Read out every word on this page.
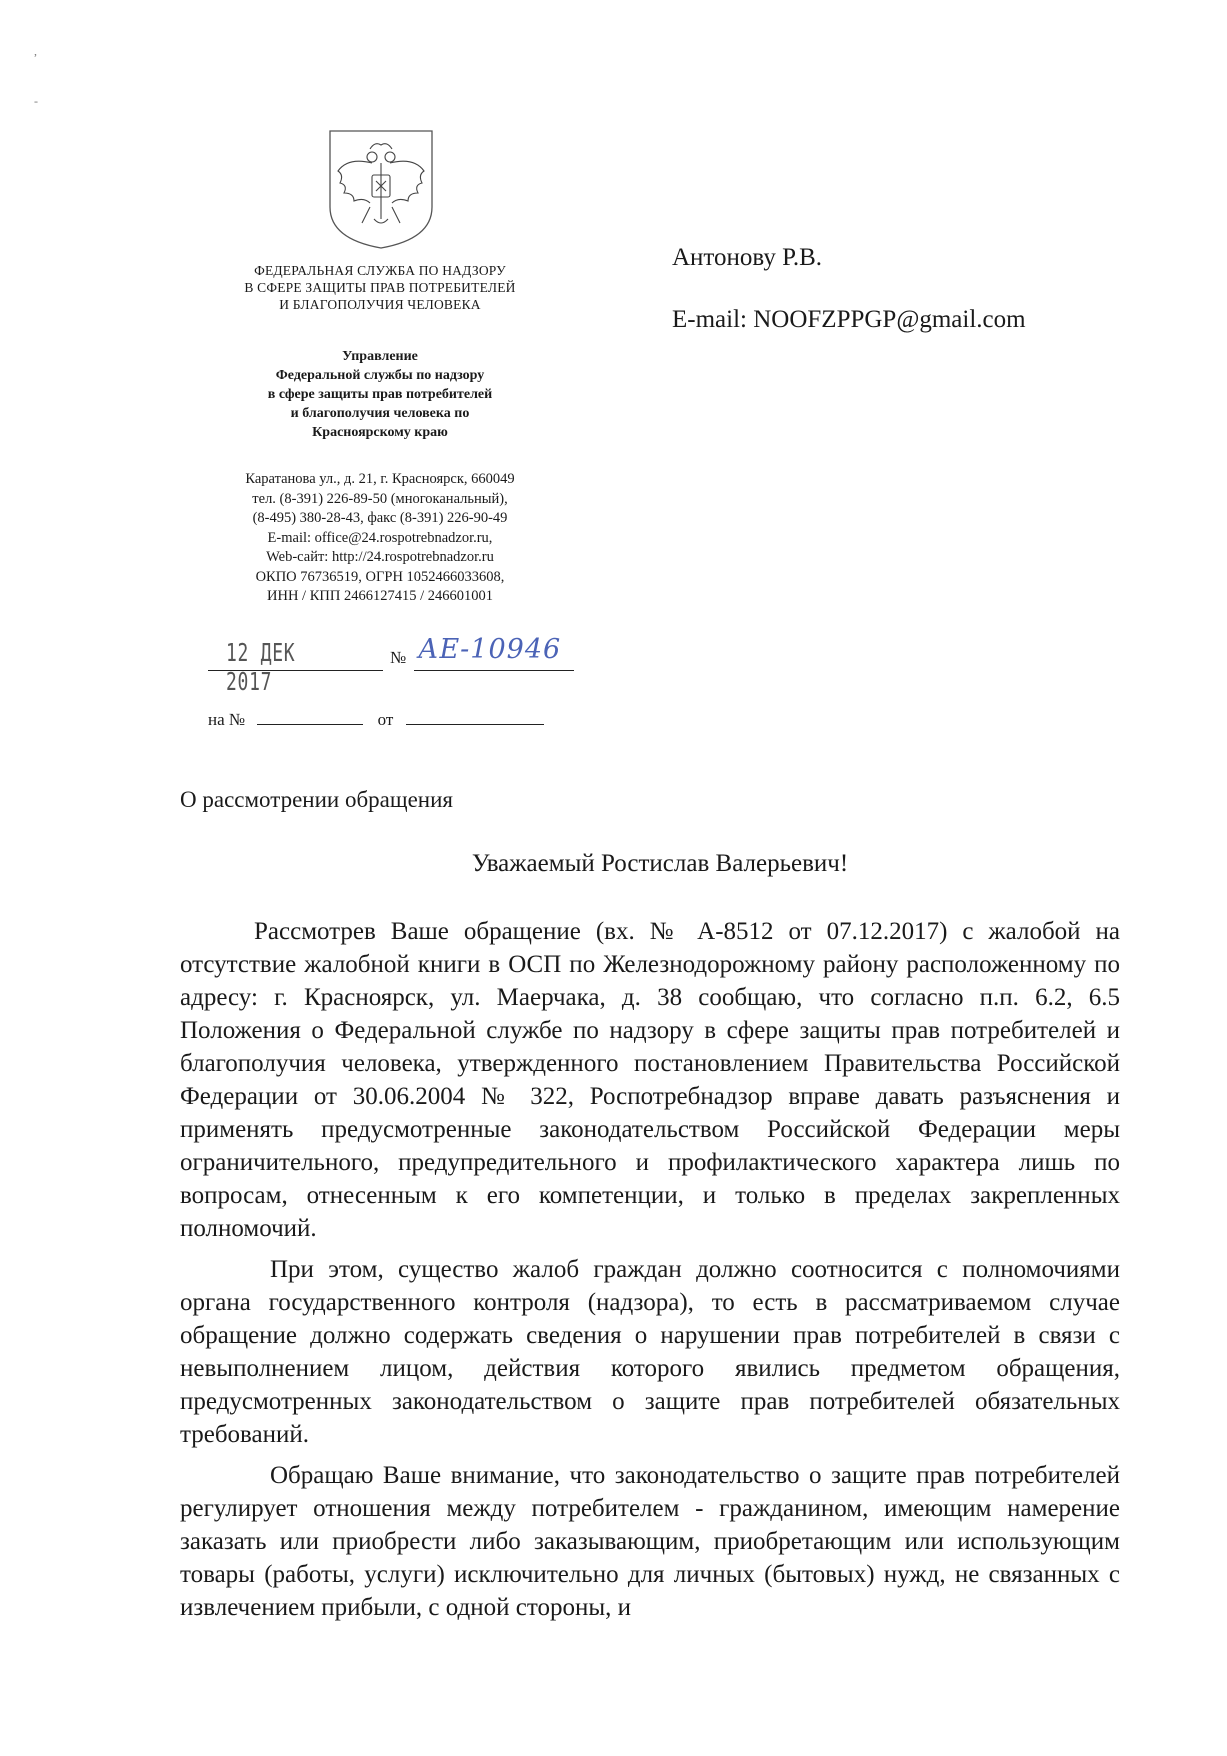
,
-
ФЕДЕРАЛЬНАЯ СЛУЖБА ПО НАДЗОРУ
В СФЕРЕ ЗАЩИТЫ ПРАВ ПОТРЕБИТЕЛЕЙ
И БЛАГОПОЛУЧИЯ ЧЕЛОВЕКА
Управление
Федеральной службы по надзору
в сфере защиты прав потребителей
и благополучия человека по
Красноярскому краю
Каратанова ул., д. 21, г. Красноярск, 660049
тел. (8-391) 226-89-50 (многоканальный),
(8-495) 380-28-43, факс (8-391) 226-90-49
E-mail: office@24.rospotrebnadzor.ru,
Web-сайт: http://24.rospotrebnadzor.ru
ОКПО 76736519, ОГРН 1052466033608,
ИНН / КПП 2466127415 / 246601001
12 ДЕК 2017
№ АЕ-10946
на №	от
Антонову Р.В.
E-mail: NOOFZPPGP@gmail.com
О рассмотрении обращения
Уважаемый Ростислав Валерьевич!

Рассмотрев Ваше обращение (вх. № А-8512 от 07.12.2017) с жалобой на отсутствие жалобной книги в ОСП по Железнодорожному району расположенному по адресу: г. Красноярск, ул. Маерчака, д. 38 сообщаю, что согласно п.п. 6.2, 6.5 Положения о Федеральной службе по надзору в сфере защиты прав потребителей и благополучия человека, утвержденного постановлением Правительства Российской Федерации от 30.06.2004 № 322, Роспотребнадзор вправе давать разъяснения и применять предусмотренные законодательством Российской Федерации меры ограничительного, предупредительного и профилактического характера лишь по вопросам, отнесенным к его компетенции, и только в пределах закрепленных полномочий.

При этом, существо жалоб граждан должно соотносится с полномочиями органа государственного контроля (надзора), то есть в рассматриваемом случае обращение должно содержать сведения о нарушении прав потребителей в связи с невыполнением лицом, действия которого явились предметом обращения, предусмотренных законодательством о защите прав потребителей обязательных требований.

Обращаю Ваше внимание, что законодательство о защите прав потребителей регулирует отношения между потребителем - гражданином, имеющим намерение заказать или приобрести либо заказывающим, приобретающим или использующим товары (работы, услуги) исключительно для личных (бытовых) нужд, не связанных с извлечением прибыли, с одной стороны, и
